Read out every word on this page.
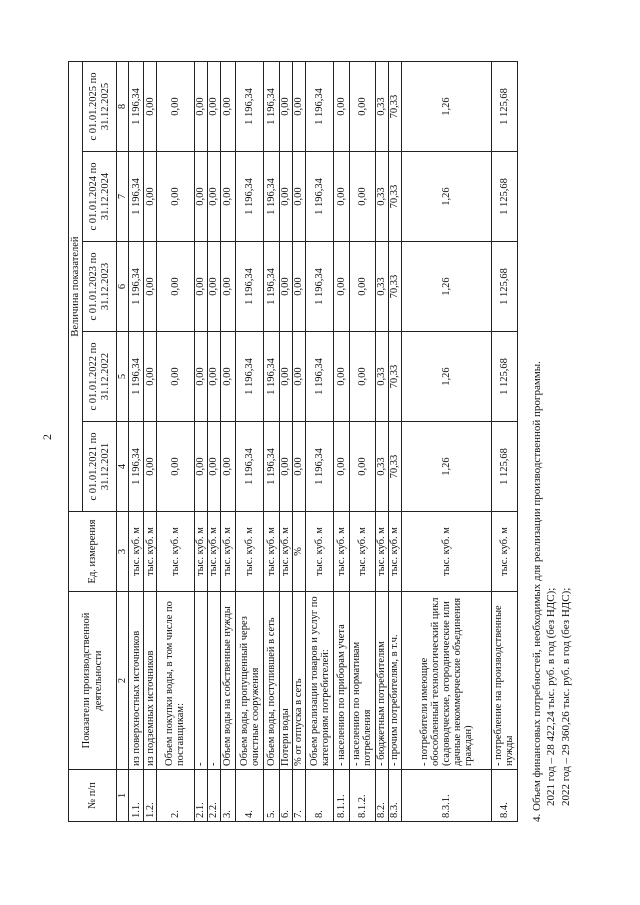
2
№ п/п	Показатели производственной деятельности	Ед. измерения	Величина показателей				
			с 01.01.2021 по 31.12.2021	с 01.01.2022 по 31.12.2022	с 01.01.2023 по 31.12.2023	с 01.01.2024 по 31.12.2024	с 01.01.2025 по 31.12.2025
1	2	3	4	5	6	7	8
1.1.	из поверхностных источников	тыс. куб. м	1 196,34	1 196,34	1 196,34	1 196,34	1 196,34
1.2.	из подземных источников	тыс. куб. м	0,00	0,00	0,00	0,00	0,00
2.	Объем покупки воды, в том числе по поставщикам:	тыс. куб. м	0,00	0,00	0,00	0,00	0,00
2.1.	-	тыс. куб. м	0,00	0,00	0,00	0,00	0,00
2.2.	-	тыс. куб. м	0,00	0,00	0,00	0,00	0,00
3.	Объем воды на собственные нужды	тыс. куб. м	0,00	0,00	0,00	0,00	0,00
4.	Объем воды, пропущенный через очистные сооружения	тыс. куб. м	1 196,34	1 196,34	1 196,34	1 196,34	1 196,34
5.	Объем воды, поступившей в сеть	тыс. куб. м	1 196,34	1 196,34	1 196,34	1 196,34	1 196,34
6.	Потери воды	тыс. куб. м	0,00	0,00	0,00	0,00	0,00
7.	% от отпуска в сеть	%	0,00	0,00	0,00	0,00	0,00
8.	Объем реализации товаров и услуг по категориям потребителей:	тыс. куб. м	1 196,34	1 196,34	1 196,34	1 196,34	1 196,34
8.1.1.	- населению по приборам учета	тыс. куб. м	0,00	0,00	0,00	0,00	0,00
8.1.2.	- населению по нормативам потребления	тыс. куб. м	0,00	0,00	0,00	0,00	0,00
8.2.	- бюджетным потребителям	тыс. куб. м	0,33	0,33	0,33	0,33	0,33
8.3.	- прочим потребителям, в т.ч.	тыс. куб. м	70,33	70,33	70,33	70,33	70,33
8.3.1.	- потребители имеющие обособленный технологический цикл (садоводческие, огороднические или дачные некоммерческие объединения граждан)	тыс. куб. м	1,26	1,26	1,26	1,26	1,26
8.4.	- потребление на производственные нужды	тыс. куб. м	1 125,68	1 125,68	1 125,68	1 125,68	1 125,68
4. Объем финансовых потребностей, необходимых для реализации производственной программы. 2021 год – 28 422,24 тыс. руб. в год (без НДС); 2022 год – 29 360,26 тыс. руб. в год (без НДС);
